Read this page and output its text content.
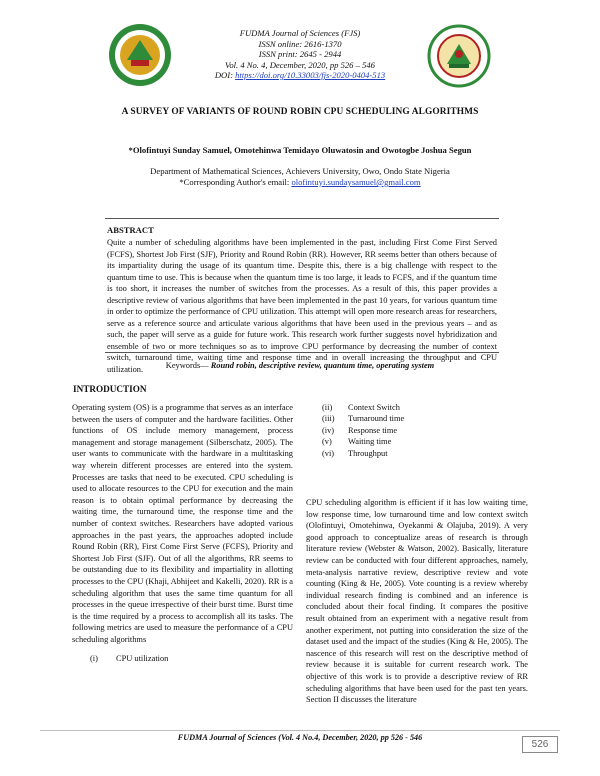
FUDMA Journal of Sciences (FJS)
ISSN online: 2616-1370
ISSN print: 2645 - 2944
Vol. 4 No. 4, December, 2020, pp 526 – 546
DOI: https://doi.org/10.33003/fjs-2020-0404-513
A SURVEY OF VARIANTS OF ROUND ROBIN CPU SCHEDULING ALGORITHMS
*Olofintuyi Sunday Samuel, Omotehinwa Temidayo Oluwatosin and Owotogbe Joshua Segun
Department of Mathematical Sciences, Achievers University, Owo, Ondo State Nigeria
*Corresponding Author's email: olofintuyi.sundaysamuel@gmail.com
ABSTRACT
Quite a number of scheduling algorithms have been implemented in the past, including First Come First Served (FCFS), Shortest Job First (SJF), Priority and Round Robin (RR). However, RR seems better than others because of its impartiality during the usage of its quantum time. Despite this, there is a big challenge with respect to the quantum time to use. This is because when the quantum time is too large, it leads to FCFS, and if the quantum time is too short, it increases the number of switches from the processes. As a result of this, this paper provides a descriptive review of various algorithms that have been implemented in the past 10 years, for various quantum time in order to optimize the performance of CPU utilization. This attempt will open more research areas for researchers, serve as a reference source and articulate various algorithms that have been used in the previous years – and as such, the paper will serve as a guide for future work. This research work further suggests novel hybridization and ensemble of two or more techniques so as to improve CPU performance by decreasing the number of context switch, turnaround time, waiting time and response time and in overall increasing the throughput and CPU utilization.	Keywords— Round robin, descriptive review, quantum time, operating system
INTRODUCTION
Operating system (OS) is a programme that serves as an interface between the users of computer and the hardware facilities. Other functions of OS include memory management, process management and storage management (Silberschatz, 2005). The user wants to communicate with the hardware in a multitasking way wherein different processes are entered into the system. Processes are tasks that need to be executed. CPU scheduling is used to allocate resources to the CPU for execution and the main reason is to obtain optimal performance by decreasing the waiting time, the turnaround time, the response time and the number of context switches. Researchers have adopted various approaches in the past years, the approaches adopted include Round Robin (RR), First Come First Serve (FCFS), Priority and Shortest Job First (SJF). Out of all the algorithms, RR seems to be outstanding due to its flexibility and impartiality in allotting processes to the CPU (Khaji, Abhijeet and Kakelli, 2020). RR is a scheduling algorithm that uses the same time quantum for all processes in the queue irrespective of their burst time. Burst time is the time required by a process to accomplish all its tasks. The following metrics are used to measure the performance of a CPU scheduling algorithms
(i)	CPU utilization
(ii)	Context Switch
(iii)	Turnaround time
(iv)	Response time
(v)	Waiting time
(vi)	Throughput
CPU scheduling algorithm is efficient if it has low waiting time, low response time, low turnaround time and low context switch (Olofintuyi, Omotehinwa, Oyekanmi & Olajuba, 2019). A very good approach to conceptualize areas of research is through literature review (Webster & Watson, 2002). Basically, literature review can be conducted with four different approaches, namely, meta-analysis narrative review, descriptive review and vote counting (King & He, 2005). Vote counting is a review whereby individual research finding is combined and an inference is concluded about their focal finding. It compares the positive result obtained from an experiment with a negative result from another experiment, not putting into consideration the size of the dataset used and the impact of the studies (King & He, 2005). The nascence of this research will rest on the descriptive method of review because it is suitable for current research work. The objective of this work is to provide a descriptive review of RR scheduling algorithms that have been used for the past ten years. Section II discusses the literature
FUDMA Journal of Sciences (Vol. 4 No.4, December, 2020, pp 526 - 546
526
